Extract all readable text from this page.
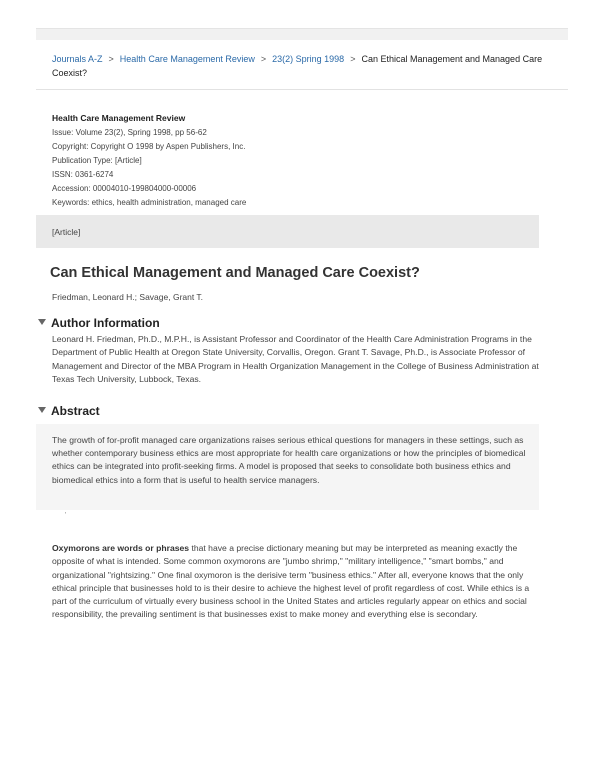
Journals A-Z > Health Care Management Review > 23(2) Spring 1998 > Can Ethical Management and Managed Care Coexist?
Health Care Management Review
Issue: Volume 23(2), Spring 1998, pp 56-62
Copyright: Copyright O 1998 by Aspen Publishers, Inc.
Publication Type: [Article]
ISSN: 0361-6274
Accession: 00004010-199804000-00006
Keywords: ethics, health administration, managed care
[Article]
Can Ethical Management and Managed Care Coexist?
Friedman, Leonard H.; Savage, Grant T.
Author Information
Leonard H. Friedman, Ph.D., M.P.H., is Assistant Professor and Coordinator of the Health Care Administration Programs in the Department of Public Health at Oregon State University, Corvallis, Oregon. Grant T. Savage, Ph.D., is Associate Professor of Management and Director of the MBA Program in Health Organization Management in the College of Business Administration at Texas Tech University, Lubbock, Texas.
Abstract

The growth of for-profit managed care organizations raises serious ethical questions for managers in these settings, such as whether contemporary business ethics are most appropriate for health care organizations or how the principles of biomedical ethics can be integrated into profit-seeking firms. A model is proposed that seeks to consolidate both business ethics and biomedical ethics into a form that is useful to health service managers.

'
Oxymorons are words or phrases that have a precise dictionary meaning but may be interpreted as meaning exactly the opposite of what is intended. Some common oxymorons are "jumbo shrimp," "military intelligence," "smart bombs," and organizational "rightsizing." One final oxymoron is the derisive term "business ethics." After all, everyone knows that the only ethical principle that businesses hold to is their desire to achieve the highest level of profit regardless of cost. While ethics is a part of the curriculum of virtually every business school in the United States and articles regularly appear on ethics and social responsibility, the prevailing sentiment is that businesses exist to make money and everything else is secondary.
